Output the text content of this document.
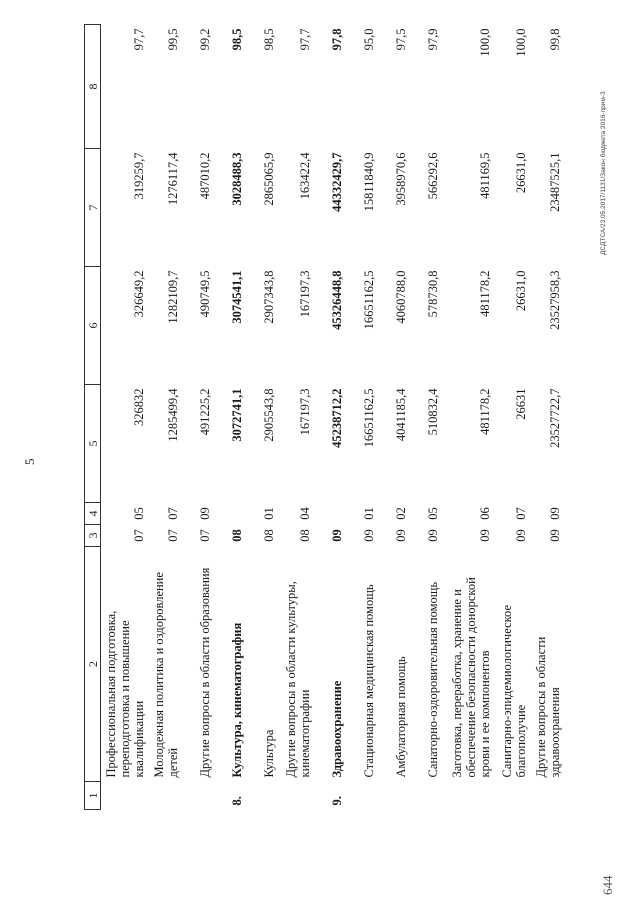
5
1	2	3	4	5	6	7	8
	Профессиональная подготовка, переподготовка и повышение квалификации	07	05	326832	326649,2	319259,7	97,7
	Молодежная политика и оздоровление детей	07	07	1285499,4	1282109,7	1276117,4	99,5
	Другие вопросы в области образования	07	09	491225,2	490749,5	487010,2	99,2
8.	Культура, кинематография	08		3072741,1	3074541,1	3028488,3	98,5
	Культура	08	01	2905543,8	2907343,8	2865065,9	98,5
	Другие вопросы в области культуры, кинематографии	08	04	167197,3	167197,3	163422,4	97,7
9.	Здравоохранение	09		45238712,2	45326448,8	44332429,7	97,8
	Стационарная медицинская помощь	09	01	16651162,5	16651162,5	15811840,9	95,0
	Амбулаторная помощь	09	02	4041185,4	4060788,0	3958970,6	97,5
	Санаторно-оздоровительная помощь	09	05	510832,4	578730,8	566292,6	97,9
	Заготовка, переработка, хранение и обеспечение безопасности донорской крови и ее компонентов	09	06	481178,2	481178,2	481169,5	100,0
	Санитарно-эпидемиологическое благополучие	09	07	26631	26631,0	26631,0	100,0
	Другие вопросы в области здравоохранения	09	09	23527722,7	23527958,3	23487525,1	99,8
644
ДСДТСА/23.05.2017/1131/Закон бюджета 2016-прим-3
